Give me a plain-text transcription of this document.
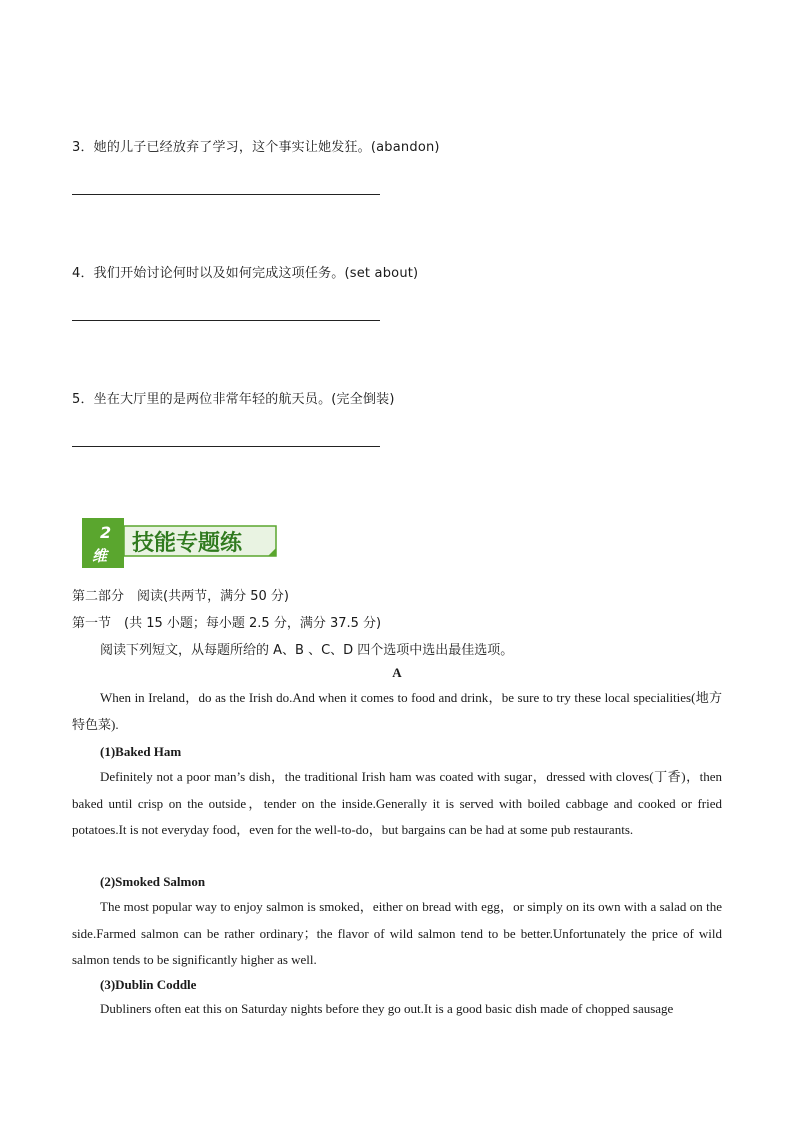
3．她的儿子已经放弃了学习，这个事实让她发狂。(abandon)
4．我们开始讨论何时以及如何完成这项任务。(set about)
5．坐在大厅里的是两位非常年轻的航天员。(完全倒装)
2
维 技能专题练
第二部分　阅读(共两节，满分 50 分)
第一节　(共 15 小题；每小题 2.5 分，满分 37.5 分)
阅读下列短文，从每题所给的 A、B 、C、D 四个选项中选出最佳选项。
A

When in Ireland，do as the Irish do.And when it comes to food and drink，be sure to try these local specialities(地方特色菜).

(1)Baked Ham

Definitely not a poor man’s dish，the traditional Irish ham was coated with sugar，dressed with cloves(丁香)，then baked until crisp on the outside，tender on the inside.Generally it is served with boiled cabbage and cooked or fried potatoes.It is not everyday food，even for the well-to-do，but bargains can be had at some pub restaurants.

(2)Smoked Salmon

The most popular way to enjoy salmon is smoked，either on bread with egg，or simply on its own with a salad on the side.Farmed salmon can be rather ordinary；the flavor of wild salmon tend to be better.Unfortunately the price of wild salmon tends to be significantly higher as well.

(3)Dublin Coddle

Dubliners often eat this on Saturday nights before they go out.It is a good basic dish made of chopped sausage
